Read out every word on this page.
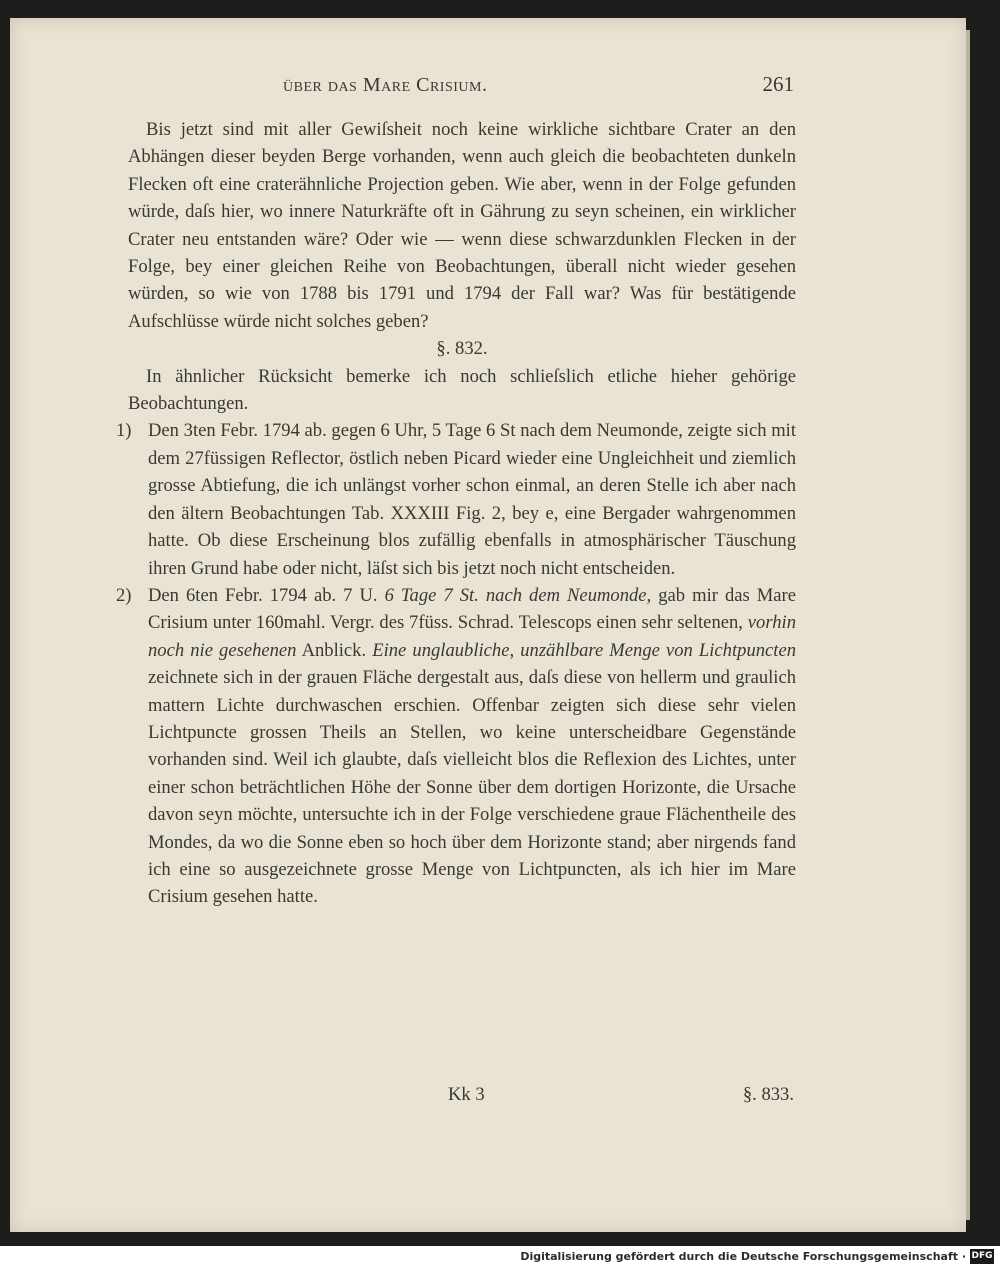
über das Mare Crisium.	261

Bis jetzt sind mit aller Gewiſsheit noch keine wirkliche sichtbare Crater an den Abhängen dieser beyden Berge vorhanden, wenn auch gleich die beobachteten dunkeln Flecken oft eine craterähnliche Projection geben. Wie aber, wenn in der Folge gefunden würde, daſs hier, wo innere Naturkräfte oft in Gährung zu seyn scheinen, ein wirklicher Crater neu entstanden wäre? Oder wie — wenn diese schwarzdunklen Flecken in der Folge, bey einer gleichen Reihe von Beobachtungen, überall nicht wieder gesehen würden, so wie von 1788 bis 1791 und 1794 der Fall war? Was für bestätigende Aufschlüsse würde nicht solches geben?

§. 832.

In ähnlicher Rücksicht bemerke ich noch schlieſslich etliche hieher gehörige Beobachtungen.

1) Den 3ten Febr. 1794 ab. gegen 6 Uhr, 5 Tage 6 St nach dem Neumonde, zeigte sich mit dem 27füssigen Reflector, östlich neben Picard wieder eine Ungleichheit und ziemlich grosse Abtiefung, die ich unlängst vorher schon einmal, an deren Stelle ich aber nach den ältern Beobachtungen Tab. XXXIII Fig. 2, bey e, eine Bergader wahrgenommen hatte. Ob diese Erscheinung blos zufällig ebenfalls in atmosphärischer Täuschung ihren Grund habe oder nicht, läſst sich bis jetzt noch nicht entscheiden.

2) Den 6ten Febr. 1794 ab. 7 U. 6 Tage 7 St. nach dem Neumonde, gab mir das Mare Crisium unter 160mahl. Vergr. des 7füss. Schrad. Telescops einen sehr seltenen, vorhin noch nie gesehenen Anblick. Eine unglaubliche, unzählbare Menge von Lichtpuncten zeichnete sich in der grauen Fläche dergestalt aus, daſs diese von hellerm und graulich mattern Lichte durchwaschen erschien. Offenbar zeigten sich diese sehr vielen Lichtpuncte grossen Theils an Stellen, wo keine unterscheidbare Gegenstände vorhanden sind. Weil ich glaubte, daſs vielleicht blos die Reflexion des Lichtes, unter einer schon beträchtlichen Höhe der Sonne über dem dortigen Horizonte, die Ursache davon seyn möchte, untersuchte ich in der Folge verschiedene graue Flächentheile des Mondes, da wo die Sonne eben so hoch über dem Horizonte stand; aber nirgends fand ich eine so ausgezeichnete grosse Menge von Lichtpuncten, als ich hier im Mare Crisium gesehen hatte.

Kk 3	§. 833.
Digitalisierung gefördert durch die Deutsche Forschungsgemeinschaft · DFG
